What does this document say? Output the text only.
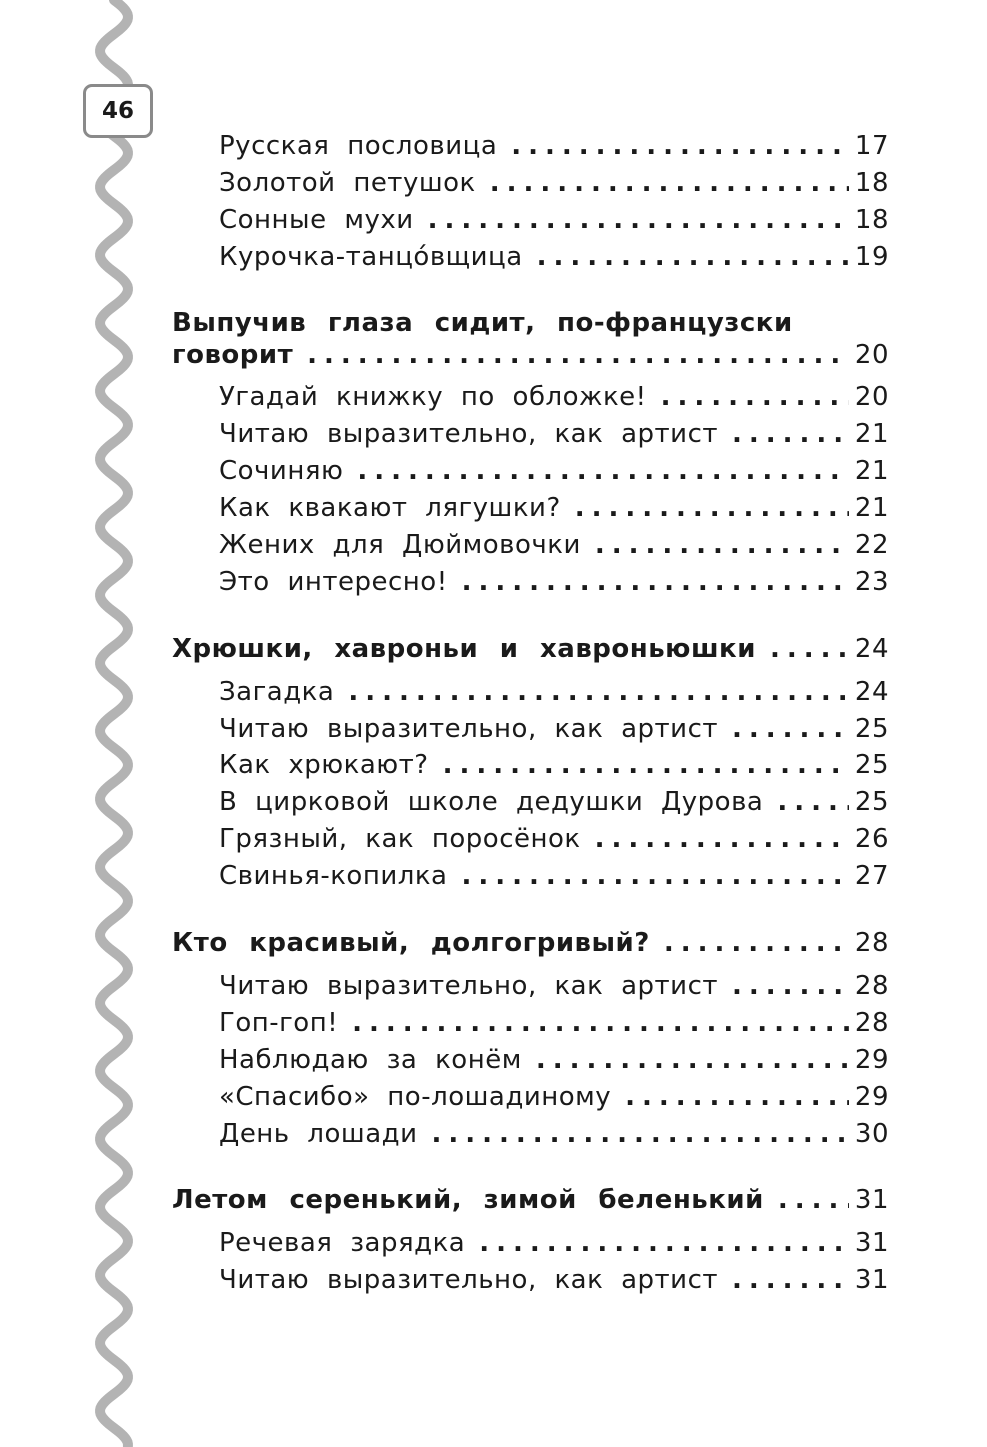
46
Русская пословица .....	17
Золотой петушок .....	18
Сонные мухи .....	18
Курочка-танцо́вщица .....	19
Выпучив глаза сидит, по-французски
говорит .....	20
Угадай книжку по обложке! .....	20
Читаю выразительно, как артист .....	21
Сочиняю .....	21
Как квакают лягушки? .....	21
Жених для Дюймовочки .....	22
Это интересно! .....	23
Хрюшки, хавроньи и хавроньюшки .....	24
Загадка .....	24
Читаю выразительно, как артист .....	25
Как хрюкают? .....	25
В цирковой школе дедушки Дурова .....	25
Грязный, как поросёнок .....	26
Свинья-копилка .....	27
Кто красивый, долгогривый? .....	28
Читаю выразительно, как артист .....	28
Гоп-гоп! .....	28
Наблюдаю за конём .....	29
«Спасибо» по-лошадиному .....	29
День лошади .....	30
Летом серенький, зимой беленький .....	31
Речевая зарядка .....	31
Читаю выразительно, как артист .....	31
